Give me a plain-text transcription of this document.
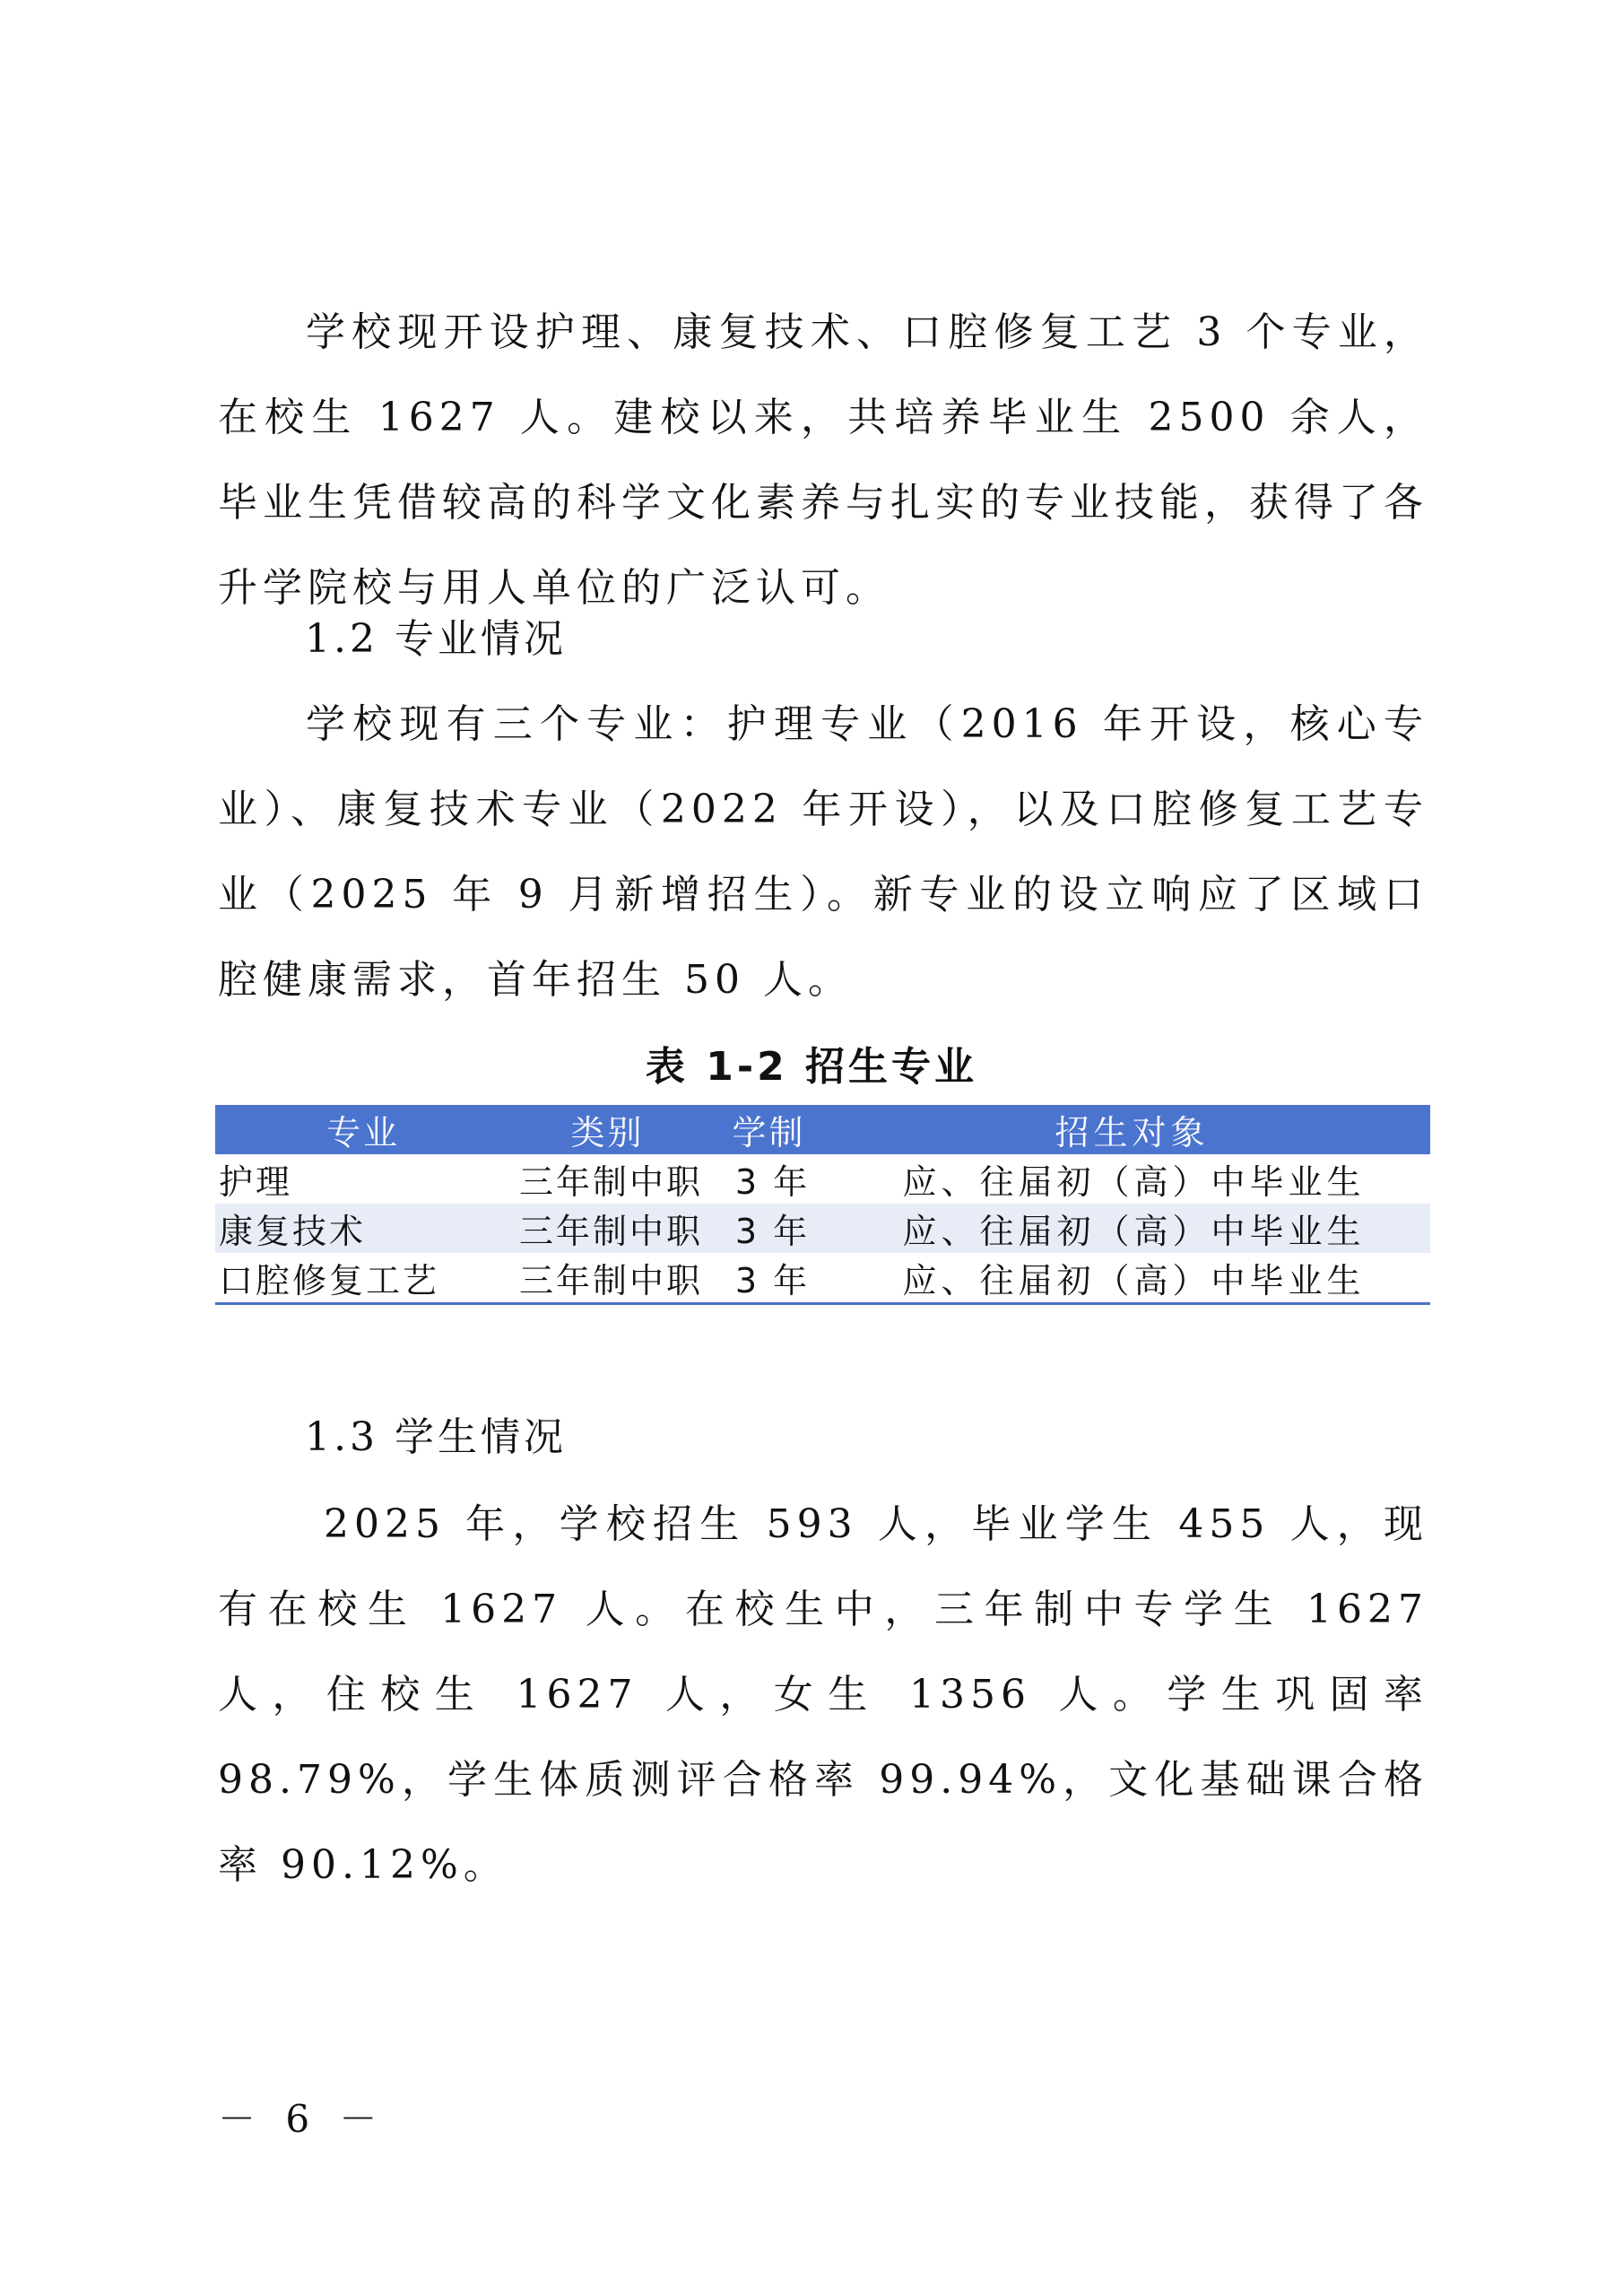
学校现开设护理、康复技术、口腔修复工艺 3 个专业，在校生 1627 人。建校以来，共培养毕业生 2500 余人，毕业生凭借较高的科学文化素养与扎实的专业技能，获得了各升学院校与用人单位的广泛认可。

1.2 专业情况

学校现有三个专业：护理专业（2016 年开设，核心专业）、康复技术专业（2022 年开设），以及口腔修复工艺专业（2025 年 9 月新增招生）。新专业的设立响应了区域口腔健康需求，首年招生 50 人。

表 1-2 招生专业
专业	类别	学制	招生对象
护理	三年制中职 3 年	应、往届初（高）中毕业生
康复技术	三年制中职 3 年	应、往届初（高）中毕业生
口腔修复工艺	三年制中职 3 年	应、往届初（高）中毕业生

1.3 学生情况

2025 年，学校招生 593 人，毕业学生 455 人，现有在校生 1627 人。在校生中，三年制中专学生 1627 人，住校生 1627 人，女生 1356 人。学生巩固率 98.79%，学生体质测评合格率 99.94%，文化基础课合格率 90.12%。

－ 6 －
